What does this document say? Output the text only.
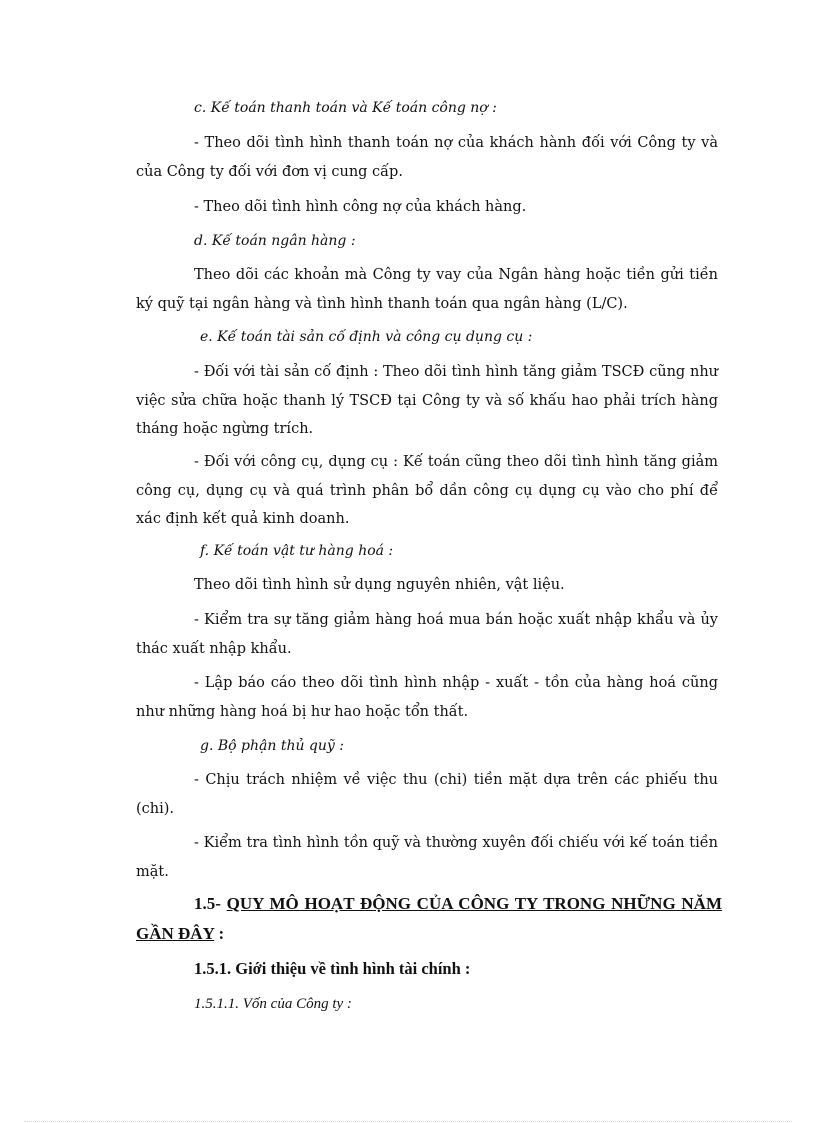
c. Kế toán thanh toán và Kế toán công nợ :

- Theo dõi tình hình thanh toán nợ của khách hành đối với Công ty và của Công ty đối với đơn vị cung cấp.

- Theo dõi tình hình công nợ của khách hàng.

d. Kế toán ngân hàng :

Theo dõi các khoản mà Công ty vay của Ngân hàng hoặc tiền gửi tiền ký quỹ tại ngân hàng và tình hình thanh toán qua ngân hàng (L/C).

e. Kế toán tài sản cố định và công cụ dụng cụ :

- Đối với tài sản cố định : Theo dõi tình hình tăng giảm TSCĐ cũng như việc sửa chữa hoặc thanh lý TSCĐ tại Công ty và số khấu hao phải trích hàng tháng hoặc ngừng trích.

- Đối với công cụ, dụng cụ : Kế toán cũng theo dõi tình hình tăng giảm công cụ, dụng cụ và quá trình phân bổ dần công cụ dụng cụ vào cho phí để xác định kết quả kinh doanh.

f. Kế toán vật tư hàng hoá :

Theo dõi tình hình sử dụng nguyên nhiên, vật liệu.

- Kiểm tra sự tăng giảm hàng hoá mua bán hoặc xuất nhập khẩu và ủy thác xuất nhập khẩu.

- Lập báo cáo theo dõi tình hình nhập - xuất - tồn của hàng hoá cũng như những hàng hoá bị hư hao hoặc tổn thất.

g. Bộ phận thủ quỹ :

- Chịu trách nhiệm về việc thu (chi) tiền mặt dựa trên các phiếu thu (chi).

- Kiểm tra tình hình tồn quỹ và thường xuyên đối chiếu với kế toán tiền mặt.

1.5- QUY MÔ HOẠT ĐỘNG CỦA CÔNG TY TRONG NHỮNG NĂM GẦN ĐÂY :

1.5.1. Giới thiệu về tình hình tài chính :

1.5.1.1. Vốn của Công ty :
